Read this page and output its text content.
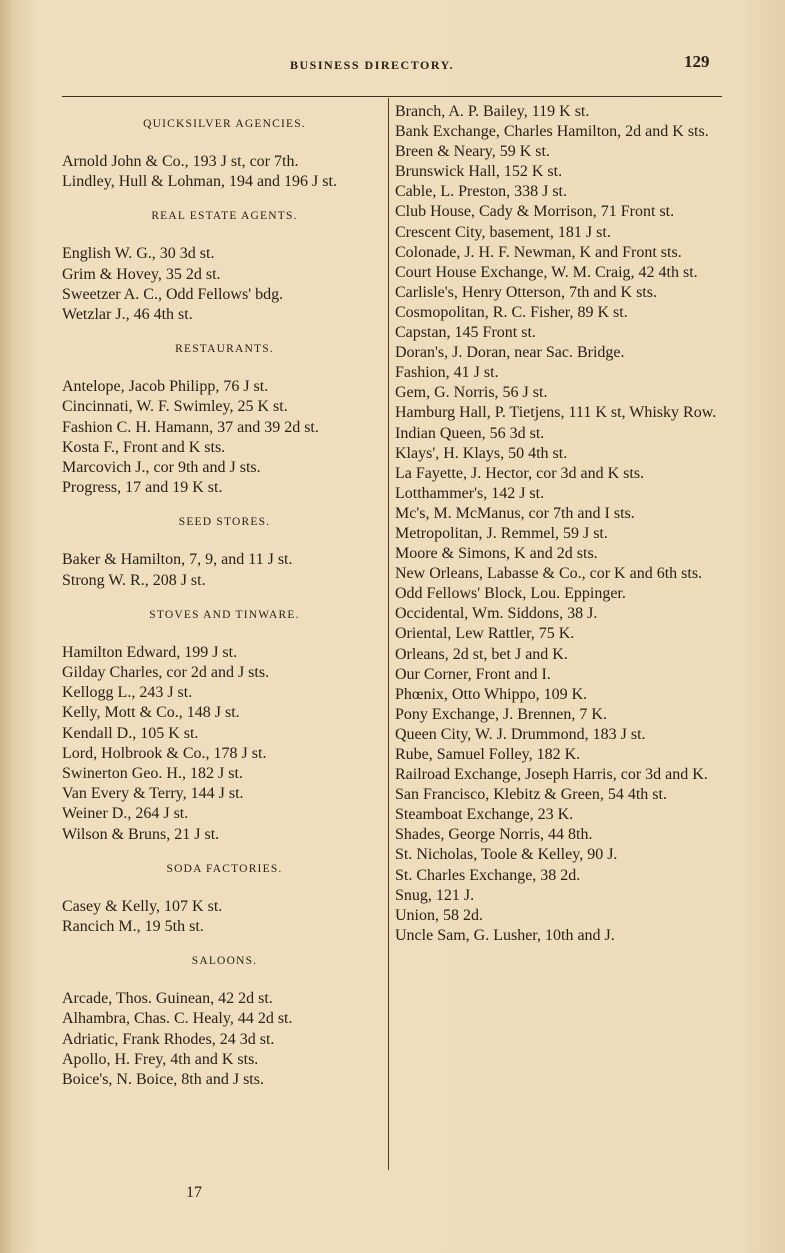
BUSINESS DIRECTORY.	129
QUICKSILVER AGENCIES.
Arnold John & Co., 193 J st, cor 7th.
Lindley, Hull & Lohman, 194 and 196 J st.
REAL ESTATE AGENTS.
English W. G., 30 3d st.
Grim & Hovey, 35 2d st.
Sweetzer A. C., Odd Fellows' bdg.
Wetzlar J., 46 4th st.
RESTAURANTS.
Antelope, Jacob Philipp, 76 J st.
Cincinnati, W. F. Swimley, 25 K st.
Fashion C. H. Hamann, 37 and 39 2d st.
Kosta F., Front and K sts.
Marcovich J., cor 9th and J sts.
Progress, 17 and 19 K st.
SEED STORES.
Baker & Hamilton, 7, 9, and 11 J st.
Strong W. R., 208 J st.
STOVES AND TINWARE.
Hamilton Edward, 199 J st.
Gilday Charles, cor 2d and J sts.
Kellogg L., 243 J st.
Kelly, Mott & Co., 148 J st.
Kendall D., 105 K st.
Lord, Holbrook & Co., 178 J st.
Swinerton Geo. H., 182 J st.
Van Every & Terry, 144 J st.
Weiner D., 264 J st.
Wilson & Bruns, 21 J st.
SODA FACTORIES.
Casey & Kelly, 107 K st.
Rancich M., 19 5th st.
SALOONS.
Arcade, Thos. Guinean, 42 2d st.
Alhambra, Chas. C. Healy, 44 2d st.
Adriatic, Frank Rhodes, 24 3d st.
Apollo, H. Frey, 4th and K sts.
Boice's, N. Boice, 8th and J sts.
Branch, A. P. Bailey, 119 K st.
Bank Exchange, Charles Hamilton, 2d and K sts.
Breen & Neary, 59 K st.
Brunswick Hall, 152 K st.
Cable, L. Preston, 338 J st.
Club House, Cady & Morrison, 71 Front st.
Crescent City, basement, 181 J st.
Colonade, J. H. F. Newman, K and Front sts.
Court House Exchange, W. M. Craig, 42 4th st.
Carlisle's, Henry Otterson, 7th and K sts.
Cosmopolitan, R. C. Fisher, 89 K st.
Capstan, 145 Front st.
Doran's, J. Doran, near Sac. Bridge.
Fashion, 41 J st.
Gem, G. Norris, 56 J st.
Hamburg Hall, P. Tietjens, 111 K st, Whisky Row.
Indian Queen, 56 3d st.
Klays', H. Klays, 50 4th st.
La Fayette, J. Hector, cor 3d and K sts.
Lotthammer's, 142 J st.
Mc's, M. McManus, cor 7th and I sts.
Metropolitan, J. Remmel, 59 J st.
Moore & Simons, K and 2d sts.
New Orleans, Labasse & Co., cor K and 6th sts.
Odd Fellows' Block, Lou. Eppinger.
Occidental, Wm. Siddons, 38 J.
Oriental, Lew Rattler, 75 K.
Orleans, 2d st, bet J and K.
Our Corner, Front and I.
Phœnix, Otto Whippo, 109 K.
Pony Exchange, J. Brennen, 7 K.
Queen City, W. J. Drummond, 183 J st.
Rube, Samuel Folley, 182 K.
Railroad Exchange, Joseph Harris, cor 3d and K.
San Francisco, Klebitz & Green, 54 4th st.
Steamboat Exchange, 23 K.
Shades, George Norris, 44 8th.
St. Nicholas, Toole & Kelley, 90 J.
St. Charles Exchange, 38 2d.
Snug, 121 J.
Union, 58 2d.
Uncle Sam, G. Lusher, 10th and J.
17
